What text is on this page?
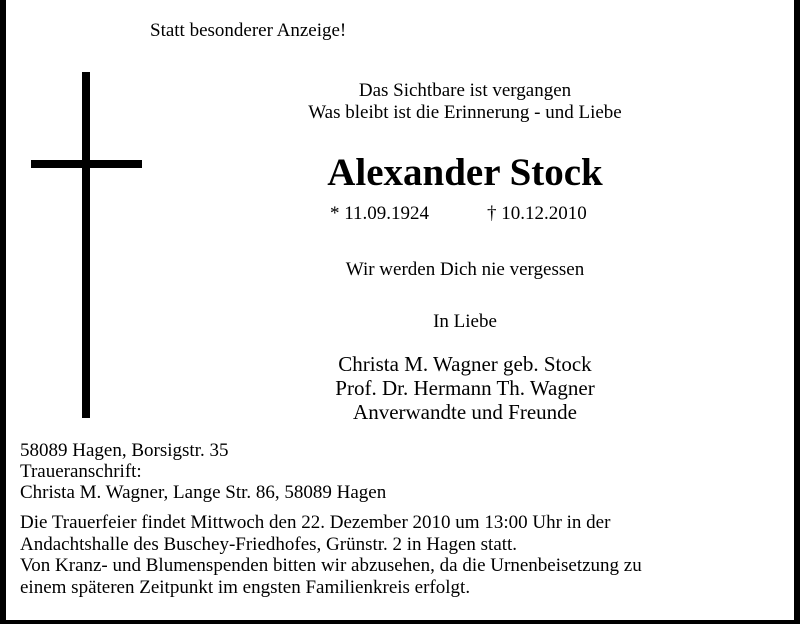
Statt besonderer Anzeige!
Das Sichtbare ist vergangen
Was bleibt ist die Erinnerung - und Liebe
Alexander Stock
* 11.09.1924	† 10.12.2010
Wir werden Dich nie vergessen
In Liebe
Christa M. Wagner geb. Stock
Prof. Dr. Hermann Th. Wagner
Anverwandte und Freunde
58089 Hagen, Borsigstr. 35
Traueranschrift:
Christa M. Wagner, Lange Str. 86, 58089 Hagen
Die Trauerfeier findet Mittwoch den 22. Dezember 2010 um 13:00 Uhr in der
Andachtshalle des Buschey-Friedhofes, Grünstr. 2 in Hagen statt.
Von Kranz- und Blumenspenden bitten wir abzusehen, da die Urnenbeisetzung zu
einem späteren Zeitpunkt im engsten Familienkreis erfolgt.
